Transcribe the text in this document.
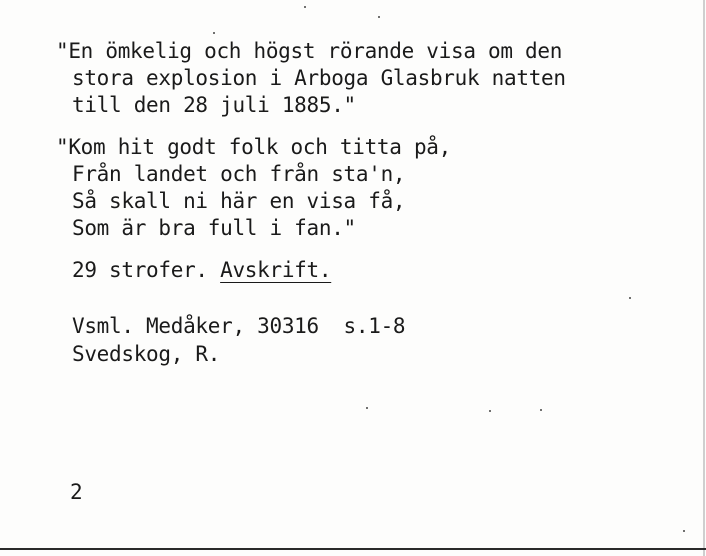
"En ömkelig och högst rörande visa om den
stora explosion i Arboga Glasbruk natten
till den 28 juli 1885."
"Kom hit godt folk och titta på,
Från landet och från sta'n,
Så skall ni här en visa få,
Som är bra full i fan."
29 strofer. Avskrift.
Vsml. Medåker, 30316  s.1-8
Svedskog, R.
2
